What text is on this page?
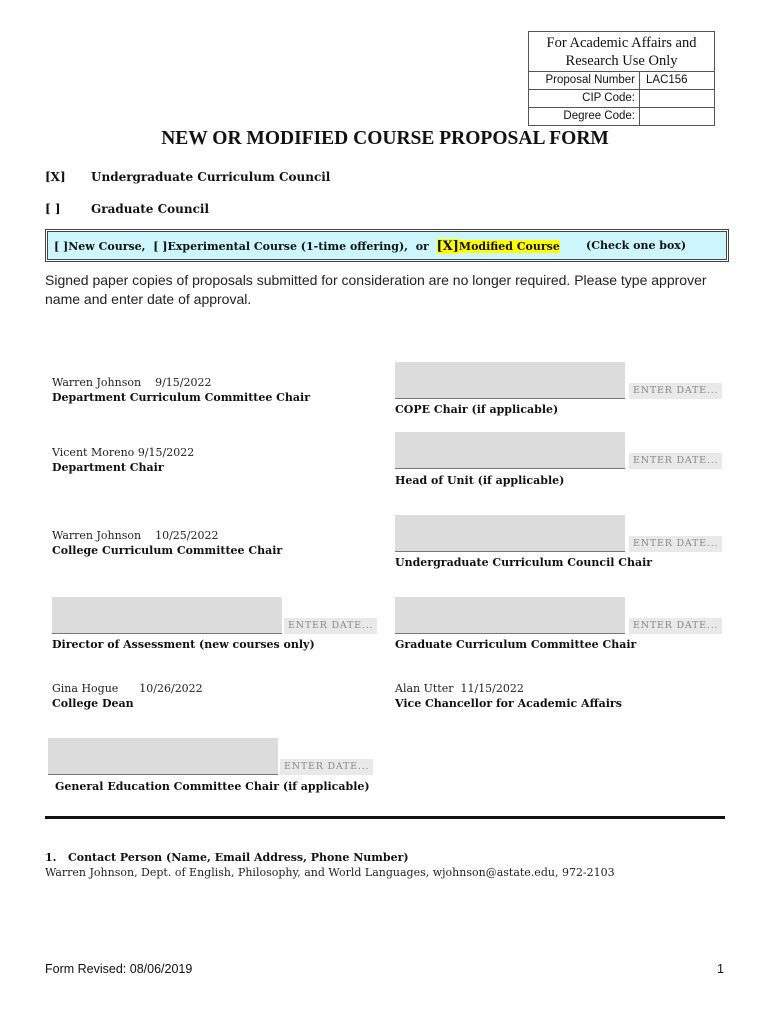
For Academic Affairs and Research Use Only
Proposal Number LAC156
CIP Code:
Degree Code:
NEW OR MODIFIED COURSE PROPOSAL FORM
[X] Undergraduate Curriculum Council
[ ]	Graduate Council
[ ]New Course, [ ]Experimental Course (1-time offering), or [X]Modified Course (Check one box)
Signed paper copies of proposals submitted for consideration are no longer required. Please type approver name and enter date of approval.
Warren Johnson 9/15/2022
Department Curriculum Committee Chair
ENTER DATE...
COPE Chair (if applicable)
Vicent Moreno 9/15/2022
Department Chair
ENTER DATE...
Head of Unit (if applicable)
Warren Johnson 10/25/2022
College Curriculum Committee Chair
ENTER DATE...
Undergraduate Curriculum Council Chair
ENTER DATE...
Director of Assessment (new courses only)
ENTER DATE...
Graduate Curriculum Committee Chair
Gina Hogue 10/26/2022
College Dean
Alan Utter 11/15/2022
Vice Chancellor for Academic Affairs
ENTER DATE...
General Education Committee Chair (if applicable)
1.   Contact Person (Name, Email Address, Phone Number)
Warren Johnson, Dept. of English, Philosophy, and World Languages, wjohnson@astate.edu, 972-2103
Form Revised: 08/06/2019	1
